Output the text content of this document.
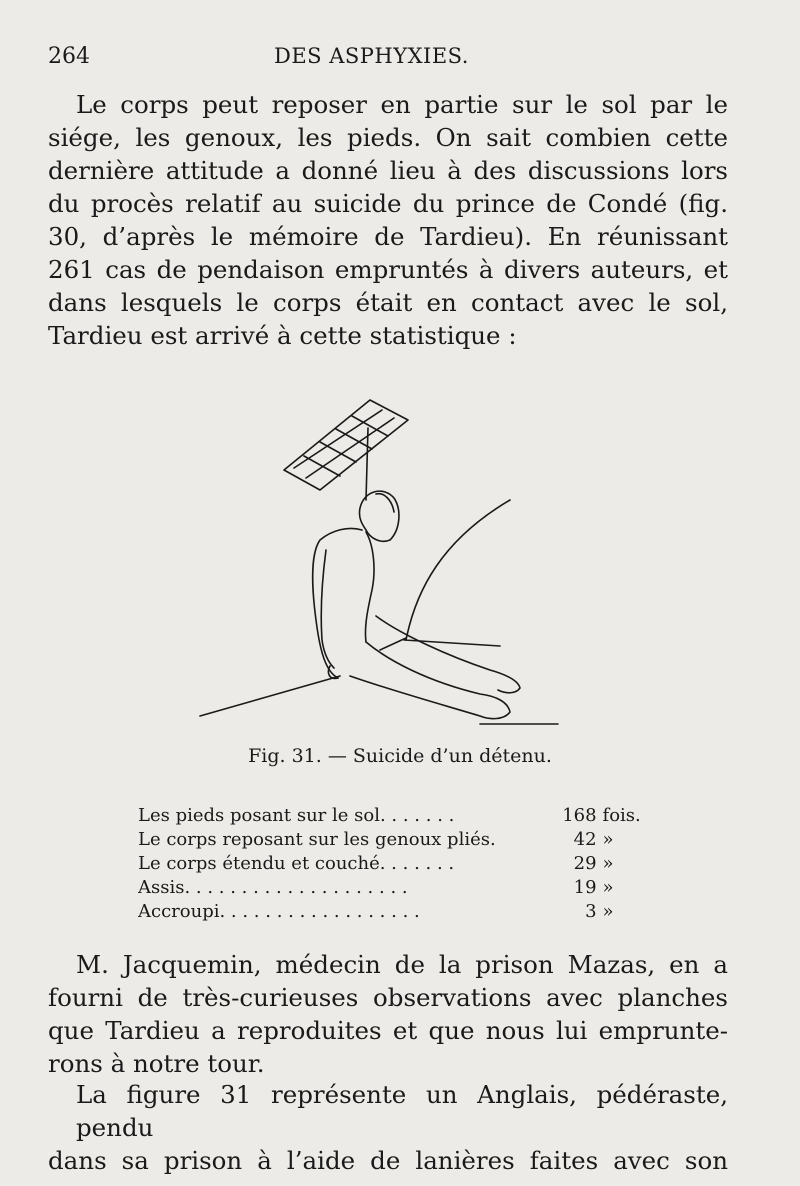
264	DES ASPHYXIES.
Le corps peut reposer en partie sur le sol par le
siége, les genoux, les pieds. On sait combien cette
dernière attitude a donné lieu à des discussions lors
du procès relatif au suicide du prince de Condé (fig.
30, d’après le mémoire de Tardieu). En réunissant
261 cas de pendaison empruntés à divers auteurs, et
dans lesquels le corps était en contact avec le sol,
Tardieu est arrivé à cette statistique :
Fig. 31. — Suicide d’un détenu.
Les pieds posant sur le sol. . . . . . .	168 fois.
Le corps reposant sur les genoux pliés.	42 »
Le corps étendu et couché. . . . . . .	29 »
Assis. . . . . . . . . . . . . . . . . . . .	19 »
Accroupi. . . . . . . . . . . . . . . . . .	3 »
M. Jacquemin, médecin de la prison Mazas, en a
fourni de très-curieuses observations avec planches
que Tardieu a reproduites et que nous lui emprunte-
rons à notre tour.
La figure 31 représente un Anglais, pédéraste, pendu
dans sa prison à l’aide de lanières faites avec son
